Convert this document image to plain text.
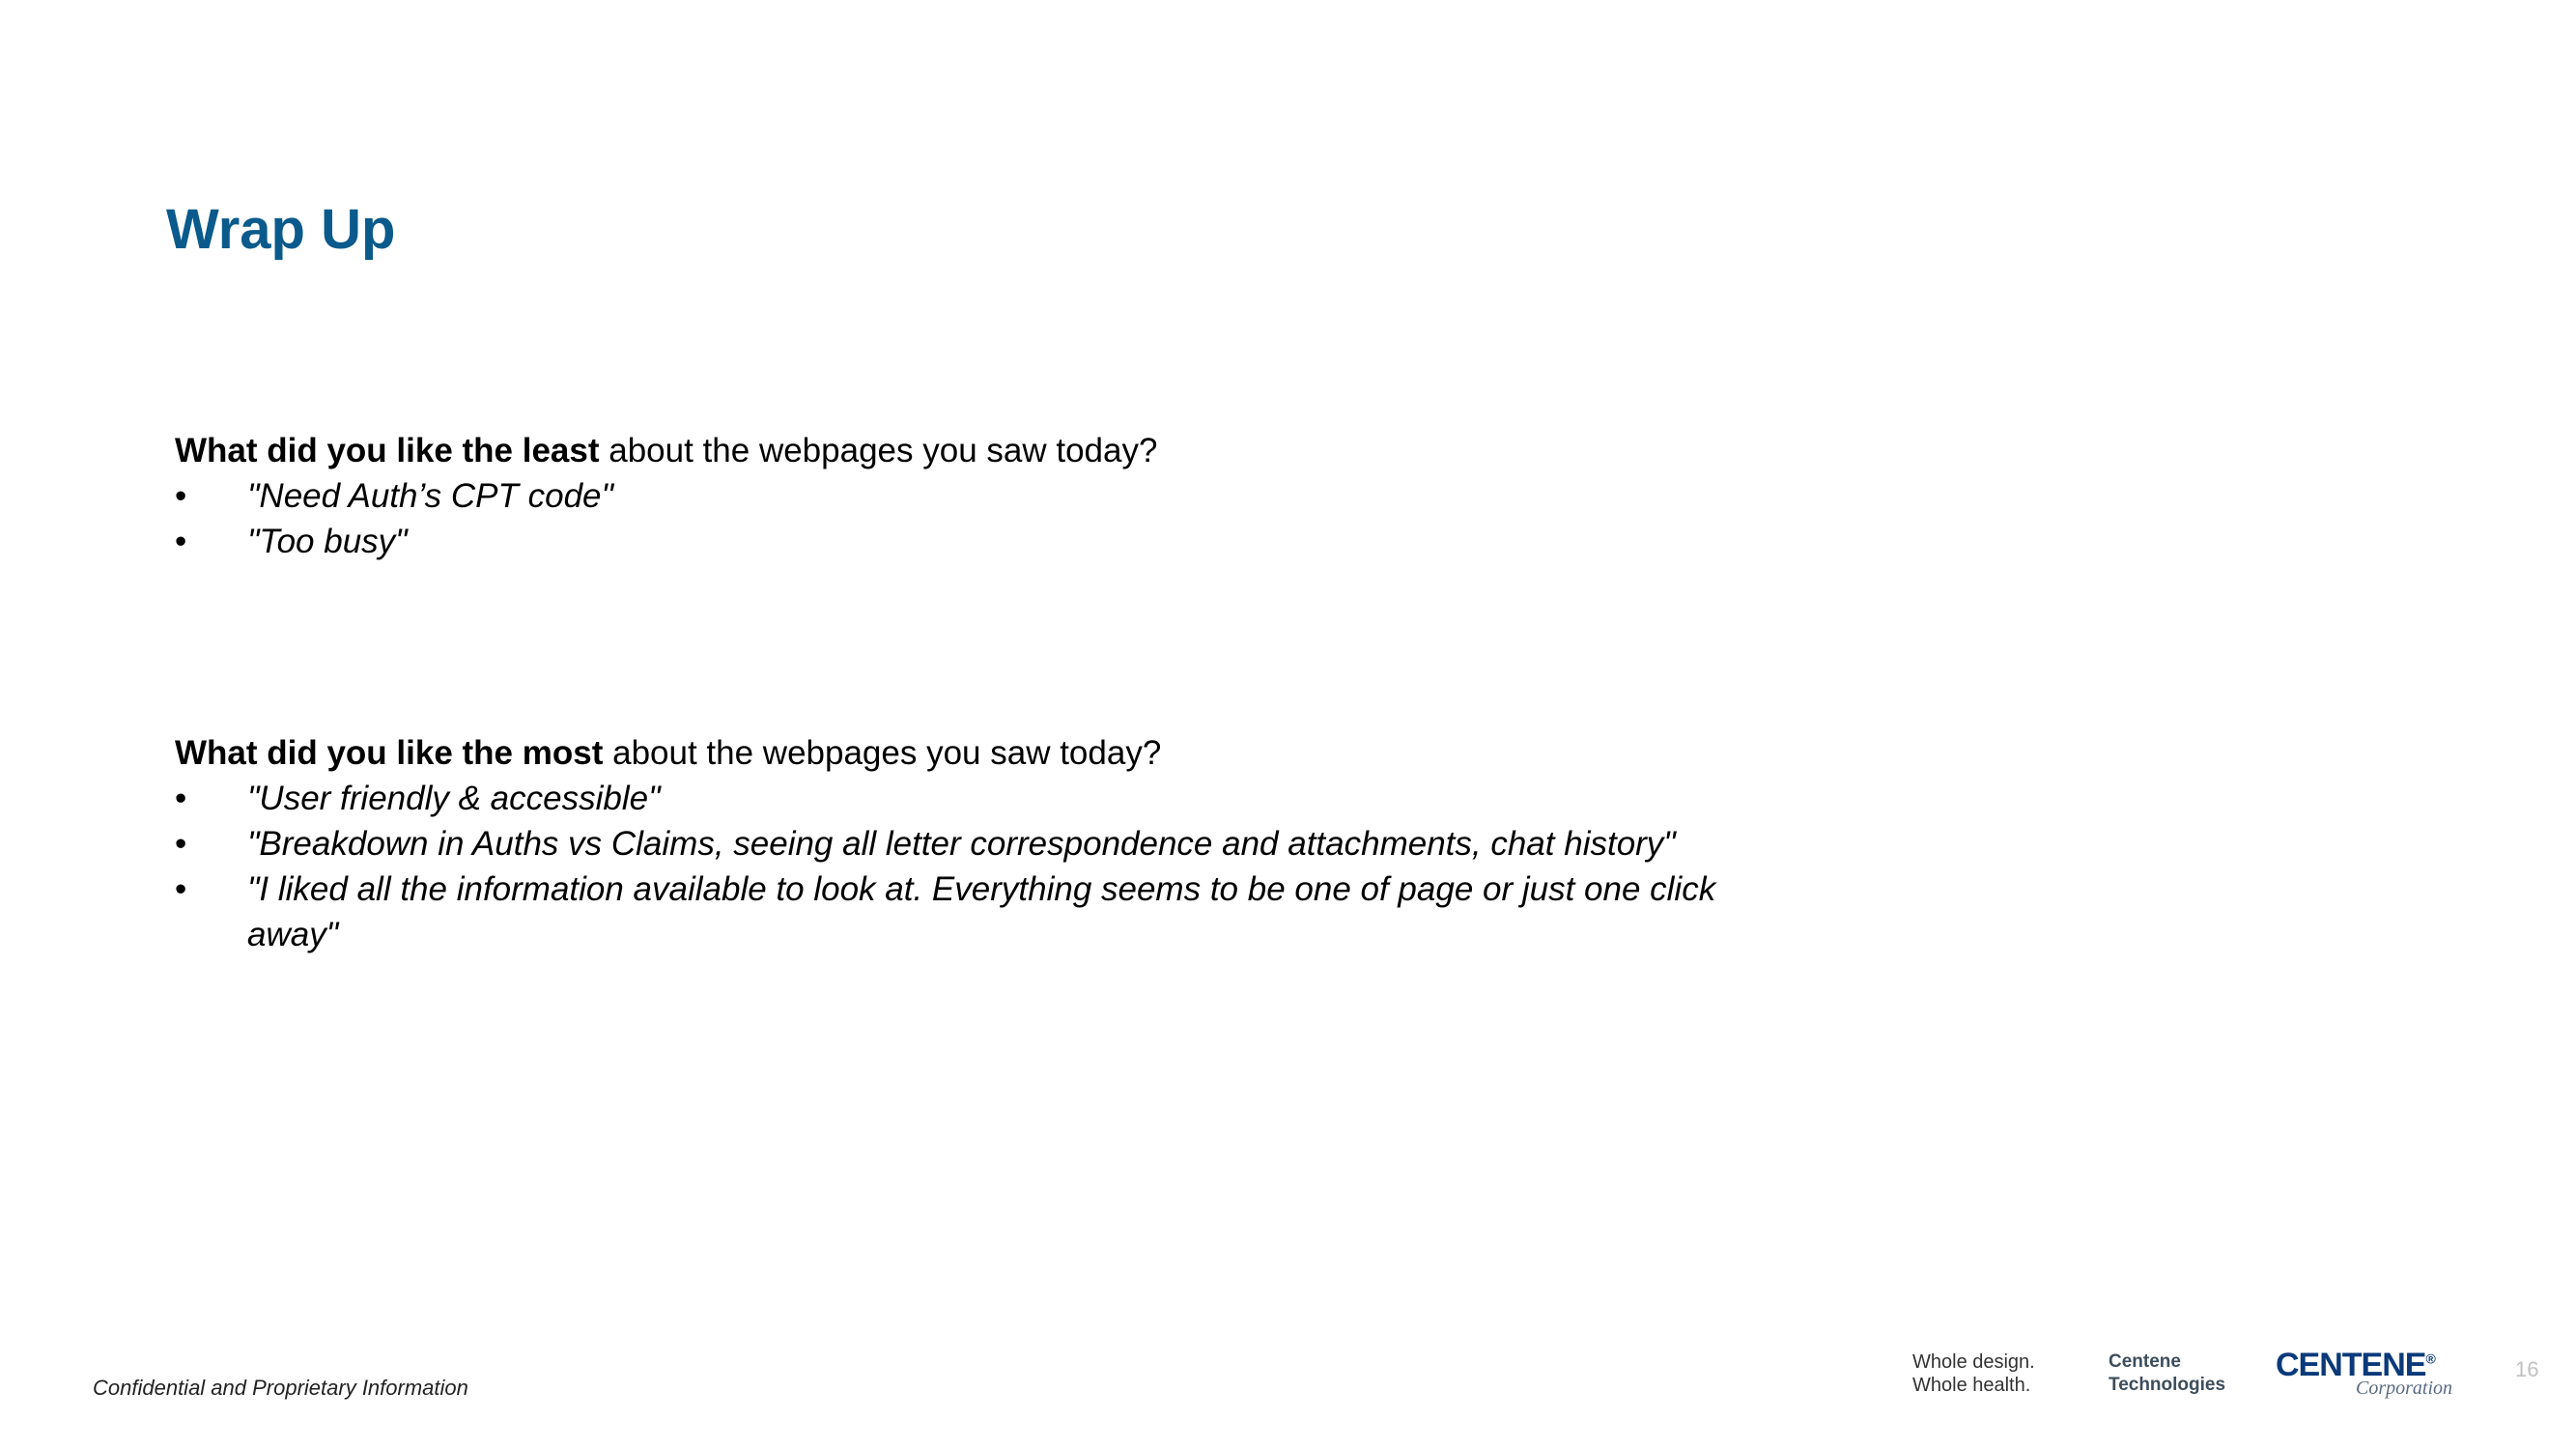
Wrap Up
What did you like the least about the webpages you saw today?
• "Need Auth’s CPT code"
• "Too busy"
What did you like the most about the webpages you saw today?
• "User friendly & accessible"
• "Breakdown in Auths vs Claims, seeing all letter correspondence and attachments, chat history"
• "I liked all the information available to look at. Everything seems to be one of page or just one click away"
Confidential and Proprietary Information
Whole design.
Whole health.
Centene
Technologies
CENTENE®
Corporation
16
